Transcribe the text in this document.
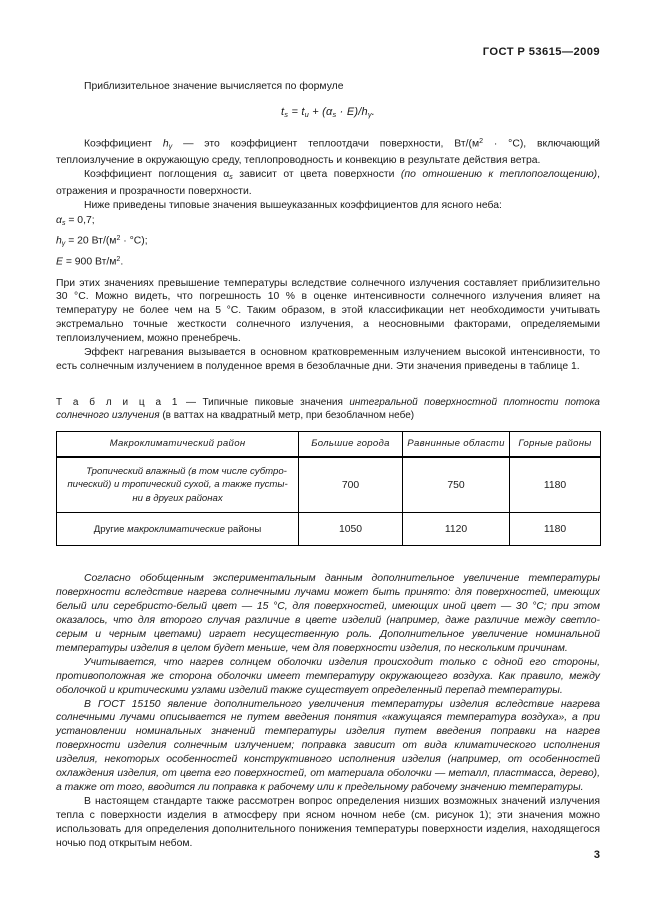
ГОСТ Р 53615—2009

Приблизительное значение вычисляется по формуле

$t_s = t_u + (\alpha_s \cdot E)/h_\gamma$.

Коэффициент $h_\gamma$ — это коэффициент теплоотдачи поверхности, $Вт/(м^2 \cdot ^\circ С)$, включающий теплоизлучение в окружающую среду, теплопроводность и конвекцию в результате действия ветра.

Коэффициент поглощения $\alpha_s$ зависит от цвета поверхности (по отношению к теплопоглощению), отражения и прозрачности поверхности.

Ниже приведены типовые значения вышеуказанных коэффициентов для ясного неба:

$\alpha_s = 0,7$;
$h_\gamma = 20$ $Вт/(м^2 \cdot ^\circ С)$;
E = 900 $Вт/м^2$.

При этих значениях превышение температуры вследствие солнечного излучения составляет приблизительно 30 °С. Можно видеть, что погрешность 10 % в оценке интенсивности солнечного излучения влияет на температуру не более чем на 5 °С. Таким образом, в этой классификации нет необходимости учитывать экстремально точные жесткости солнечного излучения, а неосновными факторами, определяемыми теплоизлучением, можно пренебречь.

Эффект нагревания вызывается в основном кратковременным излучением высокой интенсивности, то есть солнечным излучением в полуденное время в безоблачные дни. Эти значения приведены в таблице 1.

Т а б л и ц а 1 — Типичные пиковые значения интегральной поверхностной плотности потока солнечного излучения (в ваттах на квадратный метр, при безоблачном небе)
Макроклиматический район	Большие города	Равнинные области	Горные районы

Тропический влажный (в том числе субтро-
пический) и тропический сухой, а также пусты-
ни в других районах	700	750	1180
Другие макроклиматические районы	1050	1120	1180

Согласно обобщенным экспериментальным данным дополнительное увеличение температуры поверхности вследствие нагрева солнечными лучами может быть принято: для поверхностей, имеющих белый или серебристо-белый цвет — 15 °С, для поверхностей, имеющих иной цвет — 30 °С; при этом оказалось, что для второго случая различие в цвете изделий (например, даже различие между светло-серым и черным цветами) играет несущественную роль. Дополнительное увеличение номинальной температуры изделия в целом будет меньше, чем для поверхности изделия, по нескольким причинам.

Учитывается, что нагрев солнцем оболочки изделия происходит только с одной его стороны, противоположная же сторона оболочки имеет температуру окружающего воздуха. Как правило, между оболочкой и критическими узлами изделий также существует определенный перепад температуры.

В ГОСТ 15150 явление дополнительного увеличения температуры изделия вследствие нагрева солнечными лучами описывается не путем введения понятия «кажущаяся температура воздуха», а при установлении номинальных значений температуры изделия путем введения поправки на нагрев поверхности изделия солнечным излучением; поправка зависит от вида климатического исполнения изделия, некоторых особенностей конструктивного исполнения изделия (например, от особенностей охлаждения изделия, от цвета его поверхностей, от материала оболочки — металл, пластмасса, дерево), а также от того, вводится ли поправка к рабочему или к предельному рабочему значению температуры.

В настоящем стандарте также рассмотрен вопрос определения низших возможных значений излучения тепла с поверхности изделия в атмосферу при ясном ночном небе (см. рисунок 1); эти значения можно использовать для определения дополнительного понижения температуры поверхности изделия, находящегося ночью под открытым небом.

3
